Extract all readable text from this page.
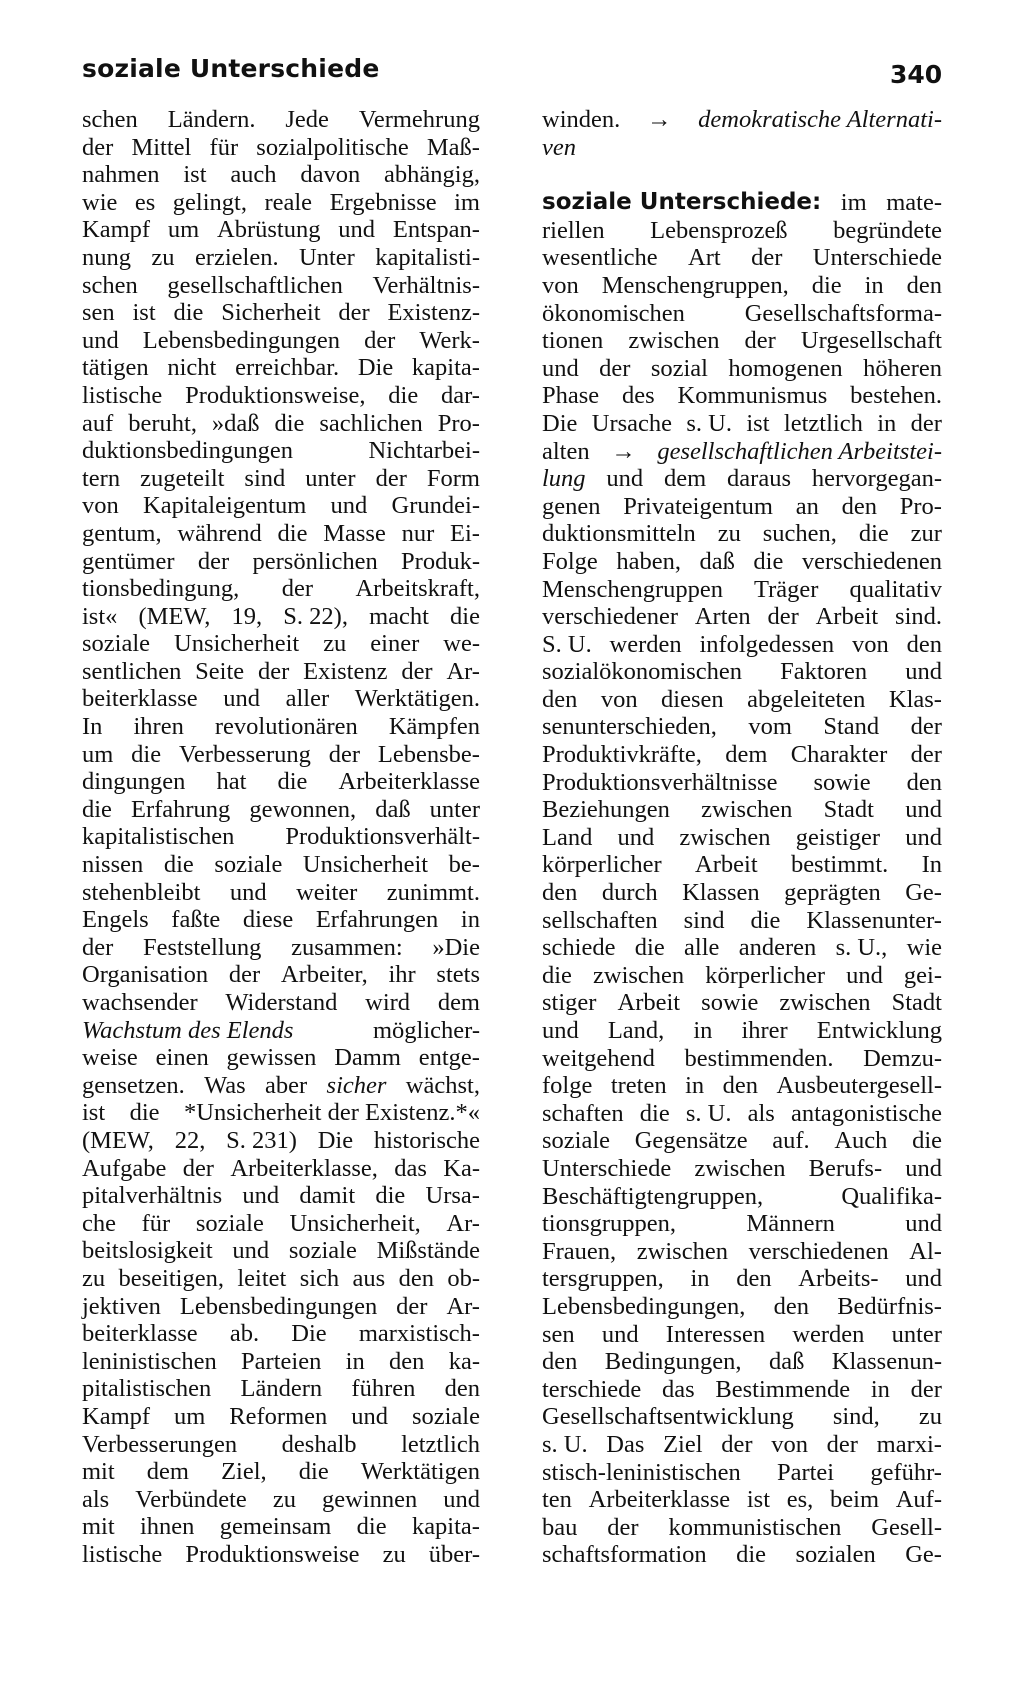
soziale Unterschiede	340
schen Ländern. Jede Vermehrung
der Mittel für sozialpolitische Maß-
nahmen ist auch davon abhängig,
wie es gelingt, reale Ergebnisse im
Kampf um Abrüstung und Entspan-
nung zu erzielen. Unter kapitalisti-
schen gesellschaftlichen Verhältnis-
sen ist die Sicherheit der Existenz-
und Lebensbedingungen der Werk-
tätigen nicht erreichbar. Die kapita-
listische Produktionsweise, die dar-
auf beruht, »daß die sachlichen Pro-
duktionsbedingungen	Nichtarbei-
tern zugeteilt sind unter der Form
von Kapitaleigentum und Grundei-
gentum, während die Masse nur Ei-
gentümer der persönlichen Produk-
tionsbedingung, der Arbeitskraft,
ist« (MEW, 19, S. 22), macht die
soziale Unsicherheit zu einer we-
sentlichen Seite der Existenz der Ar-
beiterklasse und aller Werktätigen.
In ihren revolutionären Kämpfen
um die Verbesserung der Lebensbe-
dingungen hat die Arbeiterklasse
die Erfahrung gewonnen, daß unter
kapitalistischen Produktionsverhält-
nissen die soziale Unsicherheit be-
stehenbleibt und weiter zunimmt.
Engels faßte diese Erfahrungen in
der Feststellung zusammen: »Die
Organisation der Arbeiter, ihr stets
wachsender Widerstand wird dem
Wachstum des Elends	möglicher-
weise einen gewissen Damm entge-
gensetzen. Was aber sicher wächst,
ist die *Unsicherheit der Existenz.*«
(MEW, 22, S. 231) Die historische
Aufgabe der Arbeiterklasse, das Ka-
pitalverhältnis und damit die Ursa-
che für soziale Unsicherheit, Ar-
beitslosigkeit und soziale Mißstände
zu beseitigen, leitet sich aus den ob-
jektiven Lebensbedingungen der Ar-
beiterklasse ab. Die marxistisch-
leninistischen Parteien in den ka-
pitalistischen Ländern führen den
Kampf um Reformen und soziale
Verbesserungen deshalb letztlich
mit dem Ziel, die Werktätigen
als Verbündete zu gewinnen und
mit ihnen gemeinsam die kapita-
listische Produktionsweise zu über-
winden. → demokratische Alternati-
ven
soziale Unterschiede: im mate-
riellen Lebensprozeß begründete
wesentliche Art der Unterschiede
von Menschengruppen, die in den
ökonomischen Gesellschaftsforma-
tionen zwischen der Urgesellschaft
und der sozial homogenen höheren
Phase des Kommunismus bestehen.
Die Ursache s. U. ist letztlich in der
alten → gesellschaftlichen Arbeitstei-
lung und dem daraus hervorgegan-
genen Privateigentum an den Pro-
duktionsmitteln zu suchen, die zur
Folge haben, daß die verschiedenen
Menschengruppen Träger qualitativ
verschiedener Arten der Arbeit sind.
S. U. werden infolgedessen von den
sozialökonomischen Faktoren und
den von diesen abgeleiteten Klas-
senunterschieden, vom Stand der
Produktivkräfte, dem Charakter der
Produktionsverhältnisse sowie den
Beziehungen zwischen Stadt und
Land und zwischen geistiger und
körperlicher Arbeit bestimmt. In
den durch Klassen geprägten Ge-
sellschaften sind die Klassenunter-
schiede die alle anderen s. U., wie
die zwischen körperlicher und gei-
stiger Arbeit sowie zwischen Stadt
und Land, in ihrer Entwicklung
weitgehend bestimmenden. Demzu-
folge treten in den Ausbeutergesell-
schaften die s. U. als antagonistische
soziale Gegensätze auf. Auch die
Unterschiede zwischen Berufs- und
Beschäftigtengruppen,	Qualifika-
tionsgruppen,	Männern	und
Frauen, zwischen verschiedenen Al-
tersgruppen, in den Arbeits- und
Lebensbedingungen, den Bedürfnis-
sen und Interessen werden unter
den Bedingungen, daß Klassenun-
terschiede das Bestimmende in der
Gesellschaftsentwicklung sind, zu
s. U. Das Ziel der von der marxi-
stisch-leninistischen Partei geführ-
ten Arbeiterklasse ist es, beim Auf-
bau der kommunistischen Gesell-
schaftsformation die sozialen Ge-
